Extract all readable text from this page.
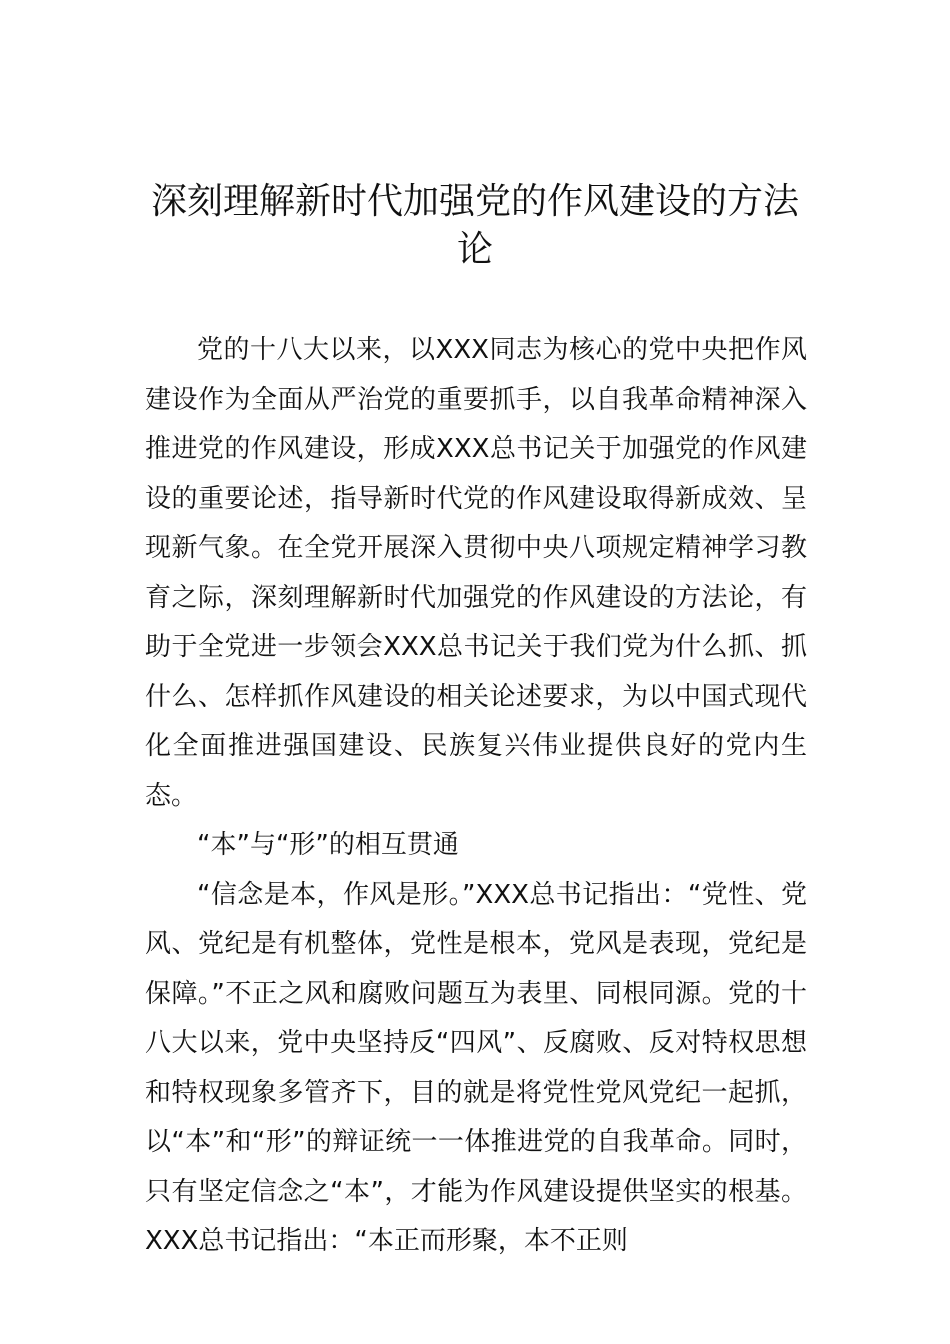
深刻理解新时代加强党的作风建设的方法论

党的十八大以来，以XXX同志为核心的党中央把作风建设作为全面从严治党的重要抓手，以自我革命精神深入推进党的作风建设，形成XXX总书记关于加强党的作风建设的重要论述，指导新时代党的作风建设取得新成效、呈现新气象。在全党开展深入贯彻中央八项规定精神学习教育之际，深刻理解新时代加强党的作风建设的方法论，有助于全党进一步领会XXX总书记关于我们党为什么抓、抓什么、怎样抓作风建设的相关论述要求，为以中国式现代化全面推进强国建设、民族复兴伟业提供良好的党内生态。

“本”与“形”的相互贯通

“信念是本，作风是形。”XXX总书记指出：“党性、党风、党纪是有机整体，党性是根本，党风是表现，党纪是保障。”不正之风和腐败问题互为表里、同根同源。党的十八大以来，党中央坚持反“四风”、反腐败、反对特权思想和特权现象多管齐下，目的就是将党性党风党纪一起抓，以“本”和“形”的辩证统一一体推进党的自我革命。同时，只有坚定信念之“本”，才能为作风建设提供坚实的根基。XXX总书记指出：“本正而形聚，本不正则
